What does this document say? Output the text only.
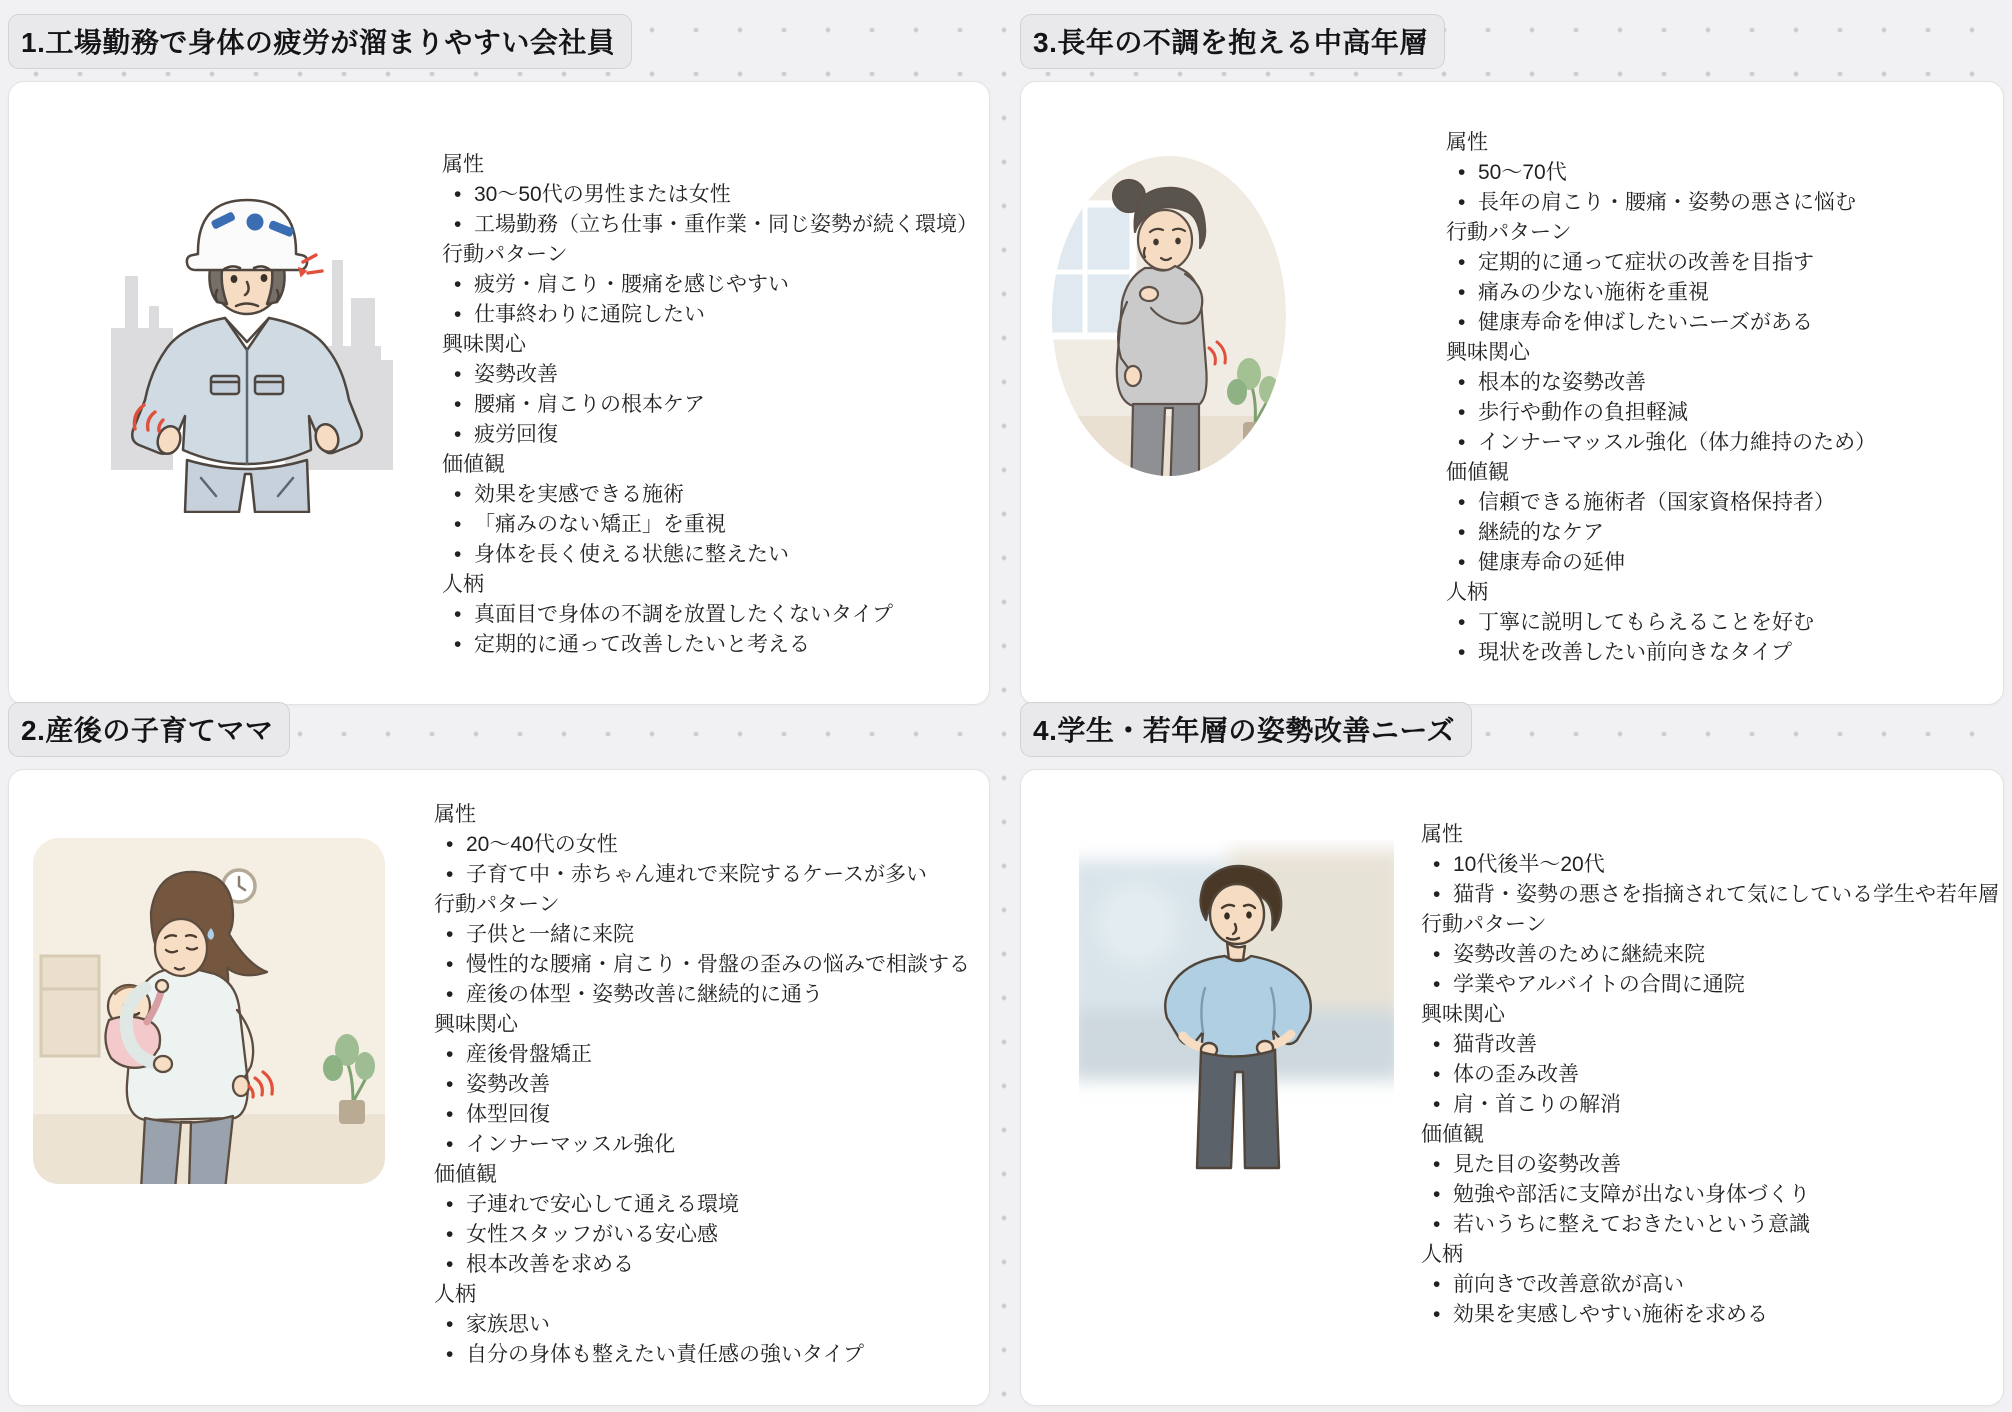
1.工場勤務で身体の疲労が溜まりやすい会社員
属性
• 30〜50代の男性または女性
• 工場勤務（立ち仕事・重作業・同じ姿勢が続く環境）
行動パターン
• 疲労・肩こり・腰痛を感じやすい
• 仕事終わりに通院したい
興味関心
• 姿勢改善
• 腰痛・肩こりの根本ケア
• 疲労回復
価値観
• 効果を実感できる施術
• 「痛みのない矯正」を重視
• 身体を長く使える状態に整えたい
人柄
• 真面目で身体の不調を放置したくないタイプ
• 定期的に通って改善したいと考える
3.長年の不調を抱える中高年層
属性
• 50〜70代
• 長年の肩こり・腰痛・姿勢の悪さに悩む
行動パターン
• 定期的に通って症状の改善を目指す
• 痛みの少ない施術を重視
• 健康寿命を伸ばしたいニーズがある
興味関心
• 根本的な姿勢改善
• 歩行や動作の負担軽減
• インナーマッスル強化（体力維持のため）
価値観
• 信頼できる施術者（国家資格保持者）
• 継続的なケア
• 健康寿命の延伸
人柄
• 丁寧に説明してもらえることを好む
• 現状を改善したい前向きなタイプ
2.産後の子育てママ
属性
• 20〜40代の女性
• 子育て中・赤ちゃん連れで来院するケースが多い
行動パターン
• 子供と一緒に来院
• 慢性的な腰痛・肩こり・骨盤の歪みの悩みで相談する
• 産後の体型・姿勢改善に継続的に通う
興味関心
• 産後骨盤矯正
• 姿勢改善
• 体型回復
• インナーマッスル強化
価値観
• 子連れで安心して通える環境
• 女性スタッフがいる安心感
• 根本改善を求める
人柄
• 家族思い
• 自分の身体も整えたい責任感の強いタイプ
4.学生・若年層の姿勢改善ニーズ
属性
• 10代後半〜20代
• 猫背・姿勢の悪さを指摘されて気にしている学生や若年層
行動パターン
• 姿勢改善のために継続来院
• 学業やアルバイトの合間に通院
興味関心
• 猫背改善
• 体の歪み改善
• 肩・首こりの解消
価値観
• 見た目の姿勢改善
• 勉強や部活に支障が出ない身体づくり
• 若いうちに整えておきたいという意識
人柄
• 前向きで改善意欲が高い
• 効果を実感しやすい施術を求める
